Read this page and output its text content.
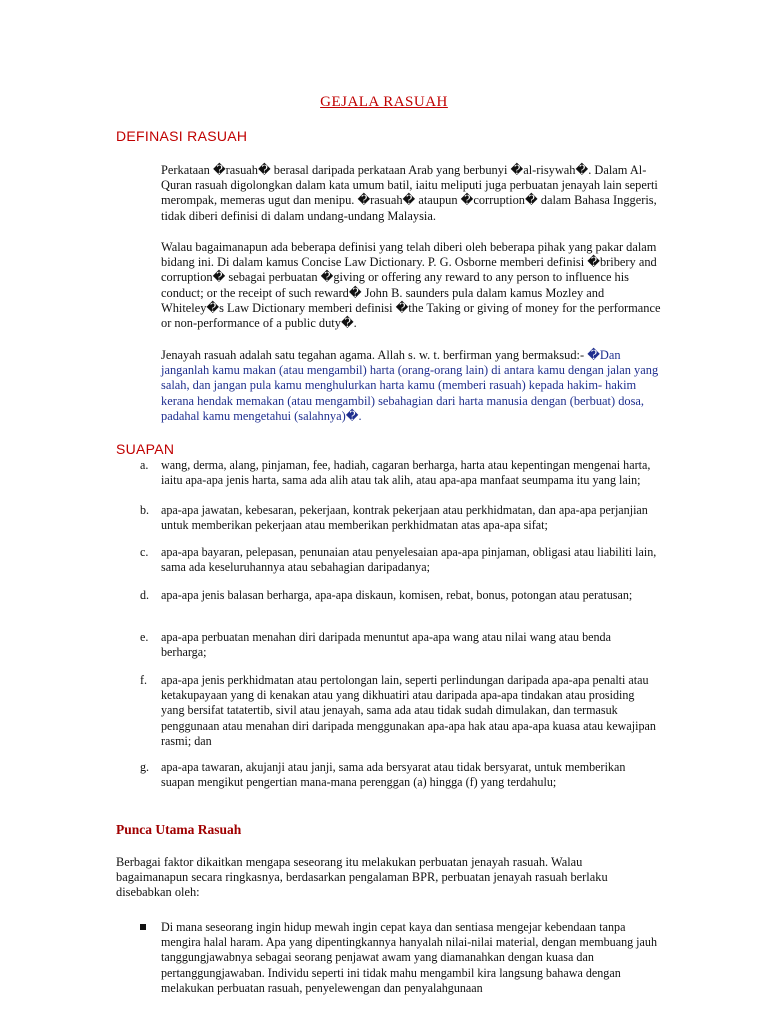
GEJALA RASUAH
DEFINASI RASUAH

Perkataan �rasuah� berasal daripada perkataan Arab yang berbunyi �al-risywah�. Dalam Al-Quran rasuah digolongkan dalam kata umum batil, iaitu meliputi juga perbuatan jenayah lain seperti merompak, memeras ugut dan menipu. �rasuah� ataupun �corruption� dalam Bahasa Inggeris, tidak diberi definisi di dalam undang-undang Malaysia.

Walau bagaimanapun ada beberapa definisi yang telah diberi oleh beberapa pihak yang pakar dalam bidang ini. Di dalam kamus Concise Law Dictionary. P. G. Osborne memberi definisi �bribery and corruption� sebagai perbuatan �giving or offering any reward to any person to influence his conduct; or the receipt of such reward� John B. saunders pula dalam kamus Mozley and Whiteley�s Law Dictionary memberi definisi �the Taking or giving of money for the performance or non-performance of a public duty�.

Jenayah rasuah adalah satu tegahan agama. Allah s. w. t. berfirman yang bermaksud:- �Dan janganlah kamu makan (atau mengambil) harta (orang-orang lain) di antara kamu dengan jalan yang salah, dan jangan pula kamu menghulurkan harta kamu (memberi rasuah) kepada hakim- hakim kerana hendak memakan (atau mengambil) sebahagian dari harta manusia dengan (berbuat) dosa, padahal kamu mengetahui (salahnya)�.

SUAPAN
a.	wang, derma, alang, pinjaman, fee, hadiah, cagaran berharga, harta atau kepentingan mengenai harta, iaitu apa-apa jenis harta, sama ada alih atau tak alih, atau apa-apa manfaat seumpama itu yang lain;
b. apa-apa jawatan, kebesaran, pekerjaan, kontrak pekerjaan atau perkhidmatan, dan apa-apa perjanjian untuk memberikan pekerjaan atau memberikan perkhidmatan atas apa-apa sifat;
c.	apa-apa bayaran, pelepasan, penunaian atau penyelesaian apa-apa pinjaman, obligasi atau liabiliti lain, sama ada keseluruhannya atau sebahagian daripadanya;
d. apa-apa jenis balasan berharga, apa-apa diskaun, komisen, rebat, bonus, potongan atau peratusan;
e.	apa-apa perbuatan menahan diri daripada menuntut apa-apa wang atau nilai wang atau benda berharga;
f.	apa-apa jenis perkhidmatan atau pertolongan lain, seperti perlindungan daripada apa-apa penalti atau ketakupayaan yang di kenakan atau yang dikhuatiri atau daripada apa-apa tindakan atau prosiding yang bersifat tatatertib, sivil atau jenayah, sama ada atau tidak sudah dimulakan, dan termasuk penggunaan atau menahan diri daripada menggunakan apa-apa hak atau apa-apa kuasa atau kewajipan rasmi; dan
g. apa-apa tawaran, akujanji atau janji, sama ada bersyarat atau tidak bersyarat, untuk memberikan suapan mengikut pengertian mana-mana perenggan (a) hingga (f) yang terdahulu;
Punca Utama Rasuah

Berbagai faktor dikaitkan mengapa seseorang itu melakukan perbuatan jenayah rasuah. Walau bagaimanapun secara ringkasnya, berdasarkan pengalaman BPR, perbuatan jenayah rasuah berlaku disebabkan oleh:

Di mana seseorang ingin hidup mewah ingin cepat kaya dan sentiasa mengejar kebendaan tanpa mengira halal haram. Apa yang dipentingkannya hanyalah nilai-nilai material, dengan membuang jauh tanggungjawabnya sebagai seorang penjawat awam yang diamanahkan dengan kuasa dan pertanggungjawaban. Individu seperti ini tidak mahu mengambil kira langsung bahawa dengan melakukan perbuatan rasuah, penyelewengan dan penyalahgunaan
